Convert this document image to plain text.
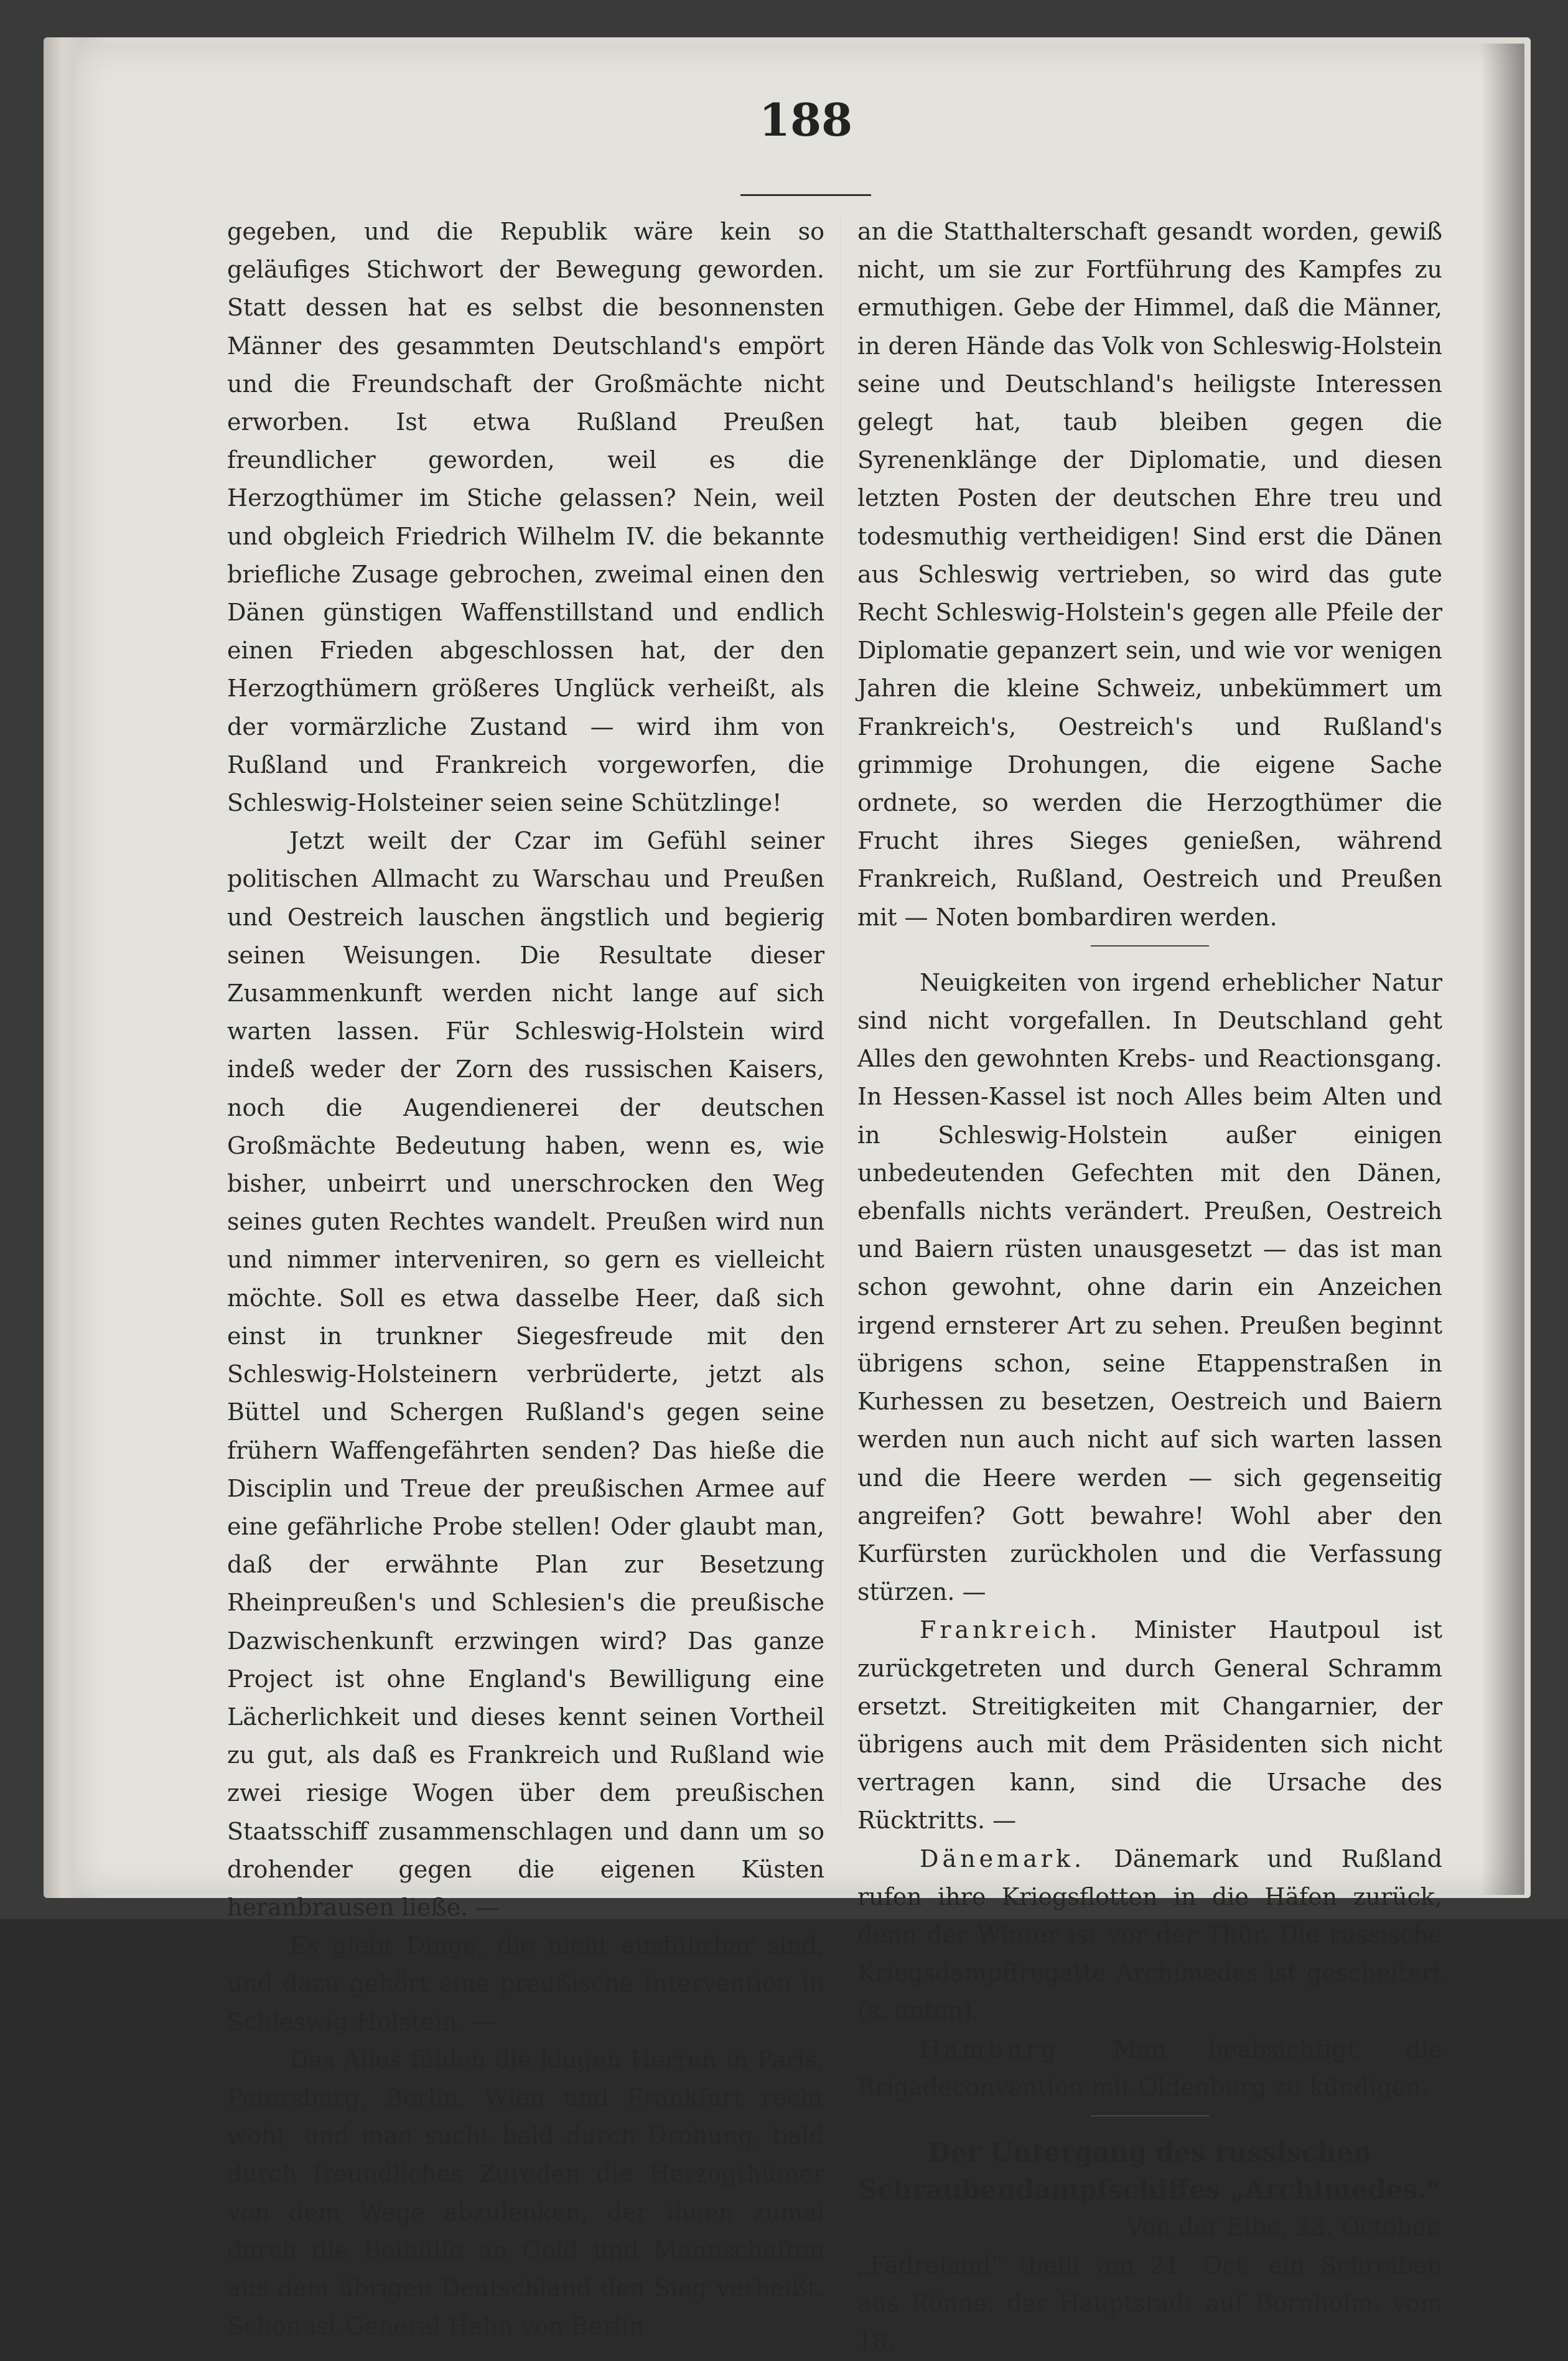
188

gegeben, und die Republik wäre kein so geläufiges Stichwort der Bewegung geworden. Statt dessen hat es selbst die besonnensten Männer des gesammten Deutschland's empört und die Freundschaft der Großmächte nicht erworben. Ist etwa Rußland Preußen freundlicher geworden, weil es die Herzogthümer im Stiche gelassen? Nein, weil und obgleich Friedrich Wilhelm IV. die bekannte briefliche Zusage gebrochen, zweimal einen den Dänen günstigen Waffenstillstand und endlich einen Frieden abgeschlossen hat, der den Herzogthümern größeres Unglück verheißt, als der vormärzliche Zustand — wird ihm von Rußland und Frankreich vorgeworfen, die Schleswig-Holsteiner seien seine Schützlinge!

Jetzt weilt der Czar im Gefühl seiner politischen Allmacht zu Warschau und Preußen und Oestreich lauschen ängstlich und begierig seinen Weisungen. Die Resultate dieser Zusammenkunft werden nicht lange auf sich warten lassen. Für Schleswig-Holstein wird indeß weder der Zorn des russischen Kaisers, noch die Augendienerei der deutschen Großmächte Bedeutung haben, wenn es, wie bisher, unbeirrt und unerschrocken den Weg seines guten Rechtes wandelt. Preußen wird nun und nimmer interveniren, so gern es vielleicht möchte. Soll es etwa dasselbe Heer, daß sich einst in trunkner Siegesfreude mit den Schleswig-Holsteinern verbrüderte, jetzt als Büttel und Schergen Rußland's gegen seine frühern Waffengefährten senden? Das hieße die Disciplin und Treue der preußischen Armee auf eine gefährliche Probe stellen! Oder glaubt man, daß der erwähnte Plan zur Besetzung Rheinpreußen's und Schlesien's die preußische Dazwischenkunft erzwingen wird? Das ganze Project ist ohne England's Bewilligung eine Lächerlichkeit und dieses kennt seinen Vortheil zu gut, als daß es Frankreich und Rußland wie zwei riesige Wogen über dem preußischen Staatsschiff zusammenschlagen und dann um so drohender gegen die eigenen Küsten heranbrausen ließe. —

Es giebt Dinge, die nicht ausführbar sind, und dazu gehört eine preußische Intervention in Schleswig-Holstein. —

Das Alles fühlen die klugen Herren in Paris, Petersburg, Berlin, Wien und Frankfurt recht wohl, und man sucht bald durch Drohung, bald durch freundliches Zureden die Herzogthümer von dem Wege abzulenken, der ihnen zumal durch die Beihülfe an Geld und Mannschaften aus dem übrigen Deutschland den Sieg verheißt. Schon ist General Hahn von Berlin

an die Statthalterschaft gesandt worden, gewiß nicht, um sie zur Fortführung des Kampfes zu ermuthigen. Gebe der Himmel, daß die Männer, in deren Hände das Volk von Schleswig-Holstein seine und Deutschland's heiligste Interessen gelegt hat, taub bleiben gegen die Syrenenklänge der Diplomatie, und diesen letzten Posten der deutschen Ehre treu und todesmuthig vertheidigen! Sind erst die Dänen aus Schleswig vertrieben, so wird das gute Recht Schleswig-Holstein's gegen alle Pfeile der Diplomatie gepanzert sein, und wie vor wenigen Jahren die kleine Schweiz, unbekümmert um Frankreich's, Oestreich's und Rußland's grimmige Drohungen, die eigene Sache ordnete, so werden die Herzogthümer die Frucht ihres Sieges genießen, während Frankreich, Rußland, Oestreich und Preußen mit — Noten bombardiren werden.

Neuigkeiten von irgend erheblicher Natur sind nicht vorgefallen. In Deutschland geht Alles den gewohnten Krebs- und Reactionsgang. In Hessen-Kassel ist noch Alles beim Alten und in Schleswig-Holstein außer einigen unbedeutenden Gefechten mit den Dänen, ebenfalls nichts verändert. Preußen, Oestreich und Baiern rüsten unausgesetzt — das ist man schon gewohnt, ohne darin ein Anzeichen irgend ernsterer Art zu sehen. Preußen beginnt übrigens schon, seine Etappenstraßen in Kurhessen zu besetzen, Oestreich und Baiern werden nun auch nicht auf sich warten lassen und die Heere werden — sich gegenseitig angreifen? Gott bewahre! Wohl aber den Kurfürsten zurückholen und die Verfassung stürzen. —

Frankreich. Minister Hautpoul ist zurückgetreten und durch General Schramm ersetzt. Streitigkeiten mit Changarnier, der übrigens auch mit dem Präsidenten sich nicht vertragen kann, sind die Ursache des Rücktritts. —

Dänemark. Dänemark und Rußland rufen ihre Kriegsflotten in die Häfen zurück, denn der Winter ist vor der Thür. Die russische Kriegsdampffregatte Archimedes ist gescheitert (s. unten).

Hamburg. Man beabsichtigt, die Brigadeconvention mit Oldenburg zu kündigen.

Der Untergang des russischen
Schraubendampfschiffes „Archimedes.“

Von der Elbe, 23. October.

„Fädreland“ theilt am 21. Oct. ein Schreiben aus Rönne, der Hauptstadt auf Bornholm, vom 18.
